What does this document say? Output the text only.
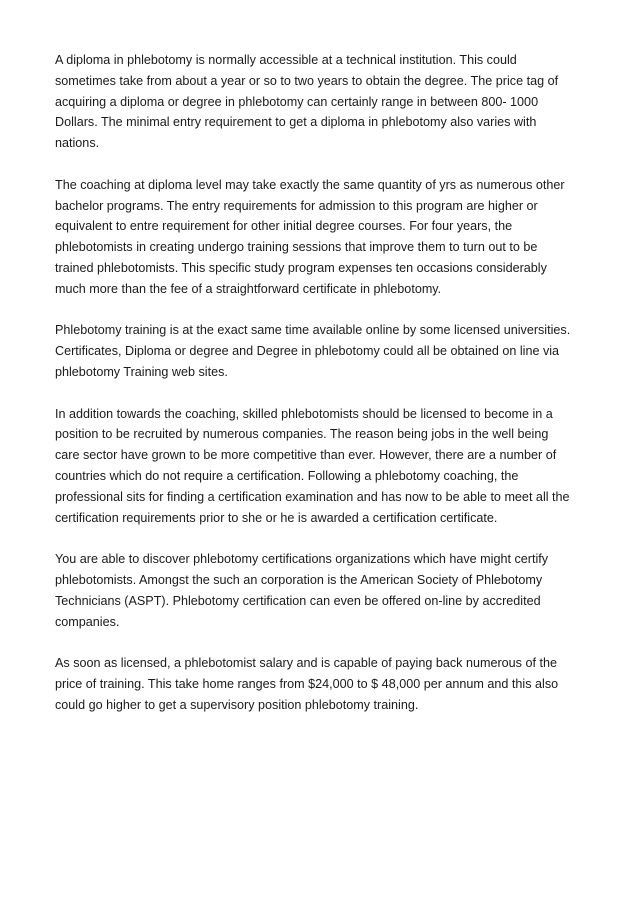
A diploma in phlebotomy is normally accessible at a technical institution. This could
sometimes take from about a year or so to two years to obtain the degree. The price tag of
acquiring a diploma or degree in phlebotomy can certainly range in between 800- 1000
Dollars. The minimal entry requirement to get a diploma in phlebotomy also varies with
nations.

The coaching at diploma level may take exactly the same quantity of yrs as numerous other
bachelor programs. The entry requirements for admission to this program are higher or
equivalent to entre requirement for other initial degree courses. For four years, the
phlebotomists in creating undergo training sessions that improve them to turn out to be
trained phlebotomists. This specific study program expenses ten occasions considerably
much more than the fee of a straightforward certificate in phlebotomy.

Phlebotomy training is at the exact same time available online by some licensed universities.
Certificates, Diploma or degree and Degree in phlebotomy could all be obtained on line via
phlebotomy Training web sites.

In addition towards the coaching, skilled phlebotomists should be licensed to become in a
position to be recruited by numerous companies. The reason being jobs in the well being
care sector have grown to be more competitive than ever. However, there are a number of
countries which do not require a certification. Following a phlebotomy coaching, the
professional sits for finding a certification examination and has now to be able to meet all the
certification requirements prior to she or he is awarded a certification certificate.

You are able to discover phlebotomy certifications organizations which have might certify
phlebotomists. Amongst the such an corporation is the American Society of Phlebotomy
Technicians (ASPT). Phlebotomy certification can even be offered on-line by accredited
companies.

As soon as licensed, a phlebotomist salary and is capable of paying back numerous of the
price of training. This take home ranges from $24,000 to $ 48,000 per annum and this also
could go higher to get a supervisory position phlebotomy training.
